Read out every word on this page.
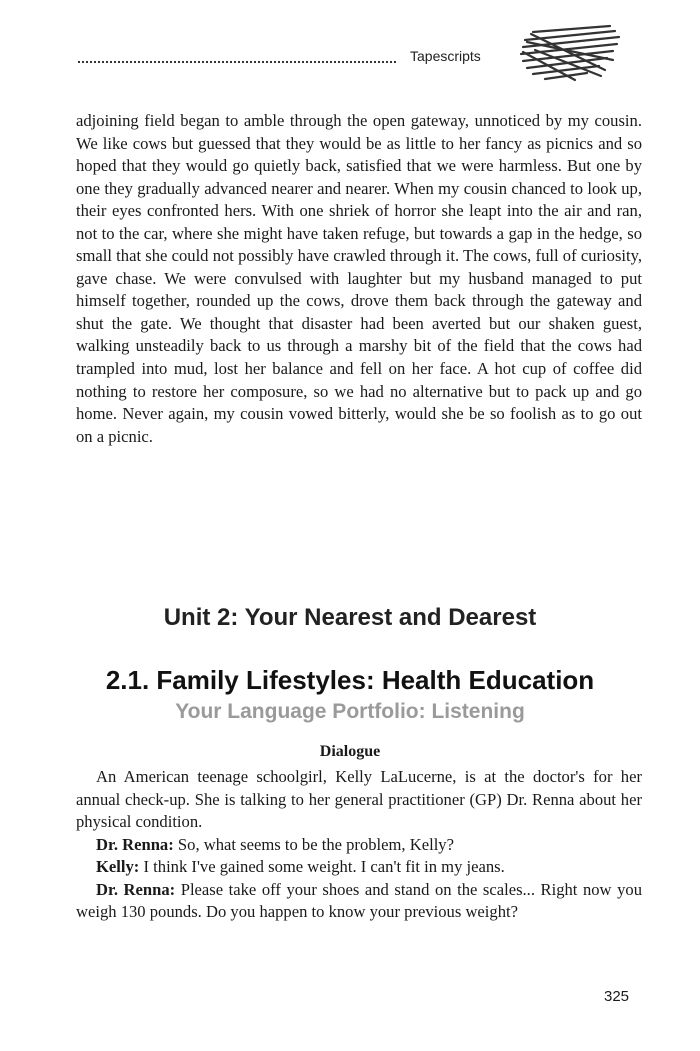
Tapescripts

adjoining field began to amble through the open gateway, unnoticed by my cousin. We like cows but guessed that they would be as little to her fancy as picnics and so hoped that they would go quietly back, satisfied that we were harmless. But one by one they gradually advanced nearer and nearer. When my cousin chanced to look up, their eyes confronted hers. With one shriek of horror she leapt into the air and ran, not to the car, where she might have taken refuge, but towards a gap in the hedge, so small that she could not possibly have crawled through it. The cows, full of curiosity, gave chase. We were convulsed with laughter but my husband managed to put himself together, rounded up the cows, drove them back through the gateway and shut the gate. We thought that disaster had been averted but our shaken guest, walking unsteadily back to us through a marshy bit of the field that the cows had trampled into mud, lost her balance and fell on her face. A hot cup of coffee did nothing to restore her composure, so we had no alternative but to pack up and go home. Never again, my cousin vowed bitterly, would she be so foolish as to go out on a picnic.

Unit 2: Your Nearest and Dearest
2.1. Family Lifestyles: Health Education
Your Language Portfolio: Listening
Dialogue

An American teenage schoolgirl, Kelly LaLucerne, is at the doctor's for her annual check-up. She is talking to her general practitioner (GP) Dr. Renna about her physical condition.

Dr. Renna: So, what seems to be the problem, Kelly?

Kelly: I think I've gained some weight. I can't fit in my jeans.

Dr. Renna: Please take off your shoes and stand on the scales... Right now you weigh 130 pounds. Do you happen to know your previous weight?

325
